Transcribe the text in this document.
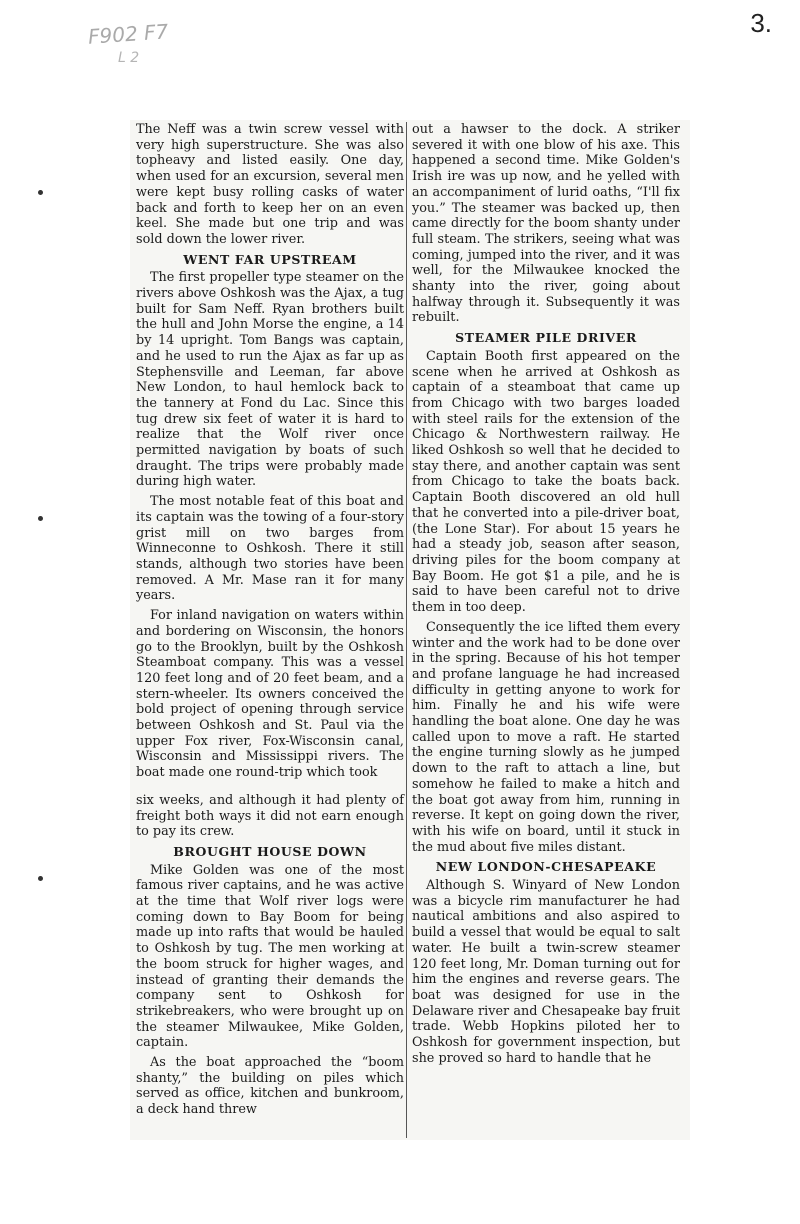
F902 F7
L 2
3.

The Neff was a twin screw vessel with very high superstructure. She was also topheavy and listed easily. One day, when used for an excursion, several men were kept busy rolling casks of water back and forth to keep her on an even keel. She made but one trip and was sold down the lower river.

WENT FAR UPSTREAM

The first propeller type steamer on the rivers above Oshkosh was the Ajax, a tug built for Sam Neff. Ryan brothers built the hull and John Morse the engine, a 14 by 14 upright. Tom Bangs was captain, and he used to run the Ajax as far up as Stephensville and Leeman, far above New London, to haul hemlock back to the tannery at Fond du Lac. Since this tug drew six feet of water it is hard to realize that the Wolf river once permitted navigation by boats of such draught. The trips were probably made during high water.

The most notable feat of this boat and its captain was the towing of a four-story grist mill on two barges from Winneconne to Oshkosh. There it still stands, although two stories have been removed. A Mr. Mase ran it for many years.

For inland navigation on waters within and bordering on Wisconsin, the honors go to the Brooklyn, built by the Oshkosh Steamboat company. This was a vessel 120 feet long and of 20 feet beam, and a stern-wheeler. Its owners conceived the bold project of opening through service between Oshkosh and St. Paul via the upper Fox river, Fox-Wisconsin canal, Wisconsin and Mississippi rivers. The boat made one round-trip which took

six weeks, and although it had plenty of freight both ways it did not earn enough to pay its crew.

BROUGHT HOUSE DOWN

Mike Golden was one of the most famous river captains, and he was active at the time that Wolf river logs were coming down to Bay Boom for being made up into rafts that would be hauled to Oshkosh by tug. The men working at the boom struck for higher wages, and instead of granting their demands the company sent to Oshkosh for strikebreakers, who were brought up on the steamer Milwaukee, Mike Golden, captain.

As the boat approached the “boom shanty,” the building on piles which served as office, kitchen and bunkroom, a deck hand threw

out a hawser to the dock. A striker severed it with one blow of his axe. This happened a second time. Mike Golden's Irish ire was up now, and he yelled with an accompaniment of lurid oaths, “I'll fix you.” The steamer was backed up, then came directly for the boom shanty under full steam. The strikers, seeing what was coming, jumped into the river, and it was well, for the Milwaukee knocked the shanty into the river, going about halfway through it. Subsequently it was rebuilt.

STEAMER PILE DRIVER

Captain Booth first appeared on the scene when he arrived at Oshkosh as captain of a steamboat that came up from Chicago with two barges loaded with steel rails for the extension of the Chicago & Northwestern railway. He liked Oshkosh so well that he decided to stay there, and another captain was sent from Chicago to take the boats back. Captain Booth discovered an old hull that he converted into a pile-driver boat, (the Lone Star). For about 15 years he had a steady job, season after season, driving piles for the boom company at Bay Boom. He got $1 a pile, and he is said to have been careful not to drive them in too deep.

Consequently the ice lifted them every winter and the work had to be done over in the spring. Because of his hot temper and profane language he had increased difficulty in getting anyone to work for him. Finally he and his wife were handling the boat alone. One day he was called upon to move a raft. He started the engine turning slowly as he jumped down to the raft to attach a line, but somehow he failed to make a hitch and the boat got away from him, running in reverse. It kept on going down the river, with his wife on board, until it stuck in the mud about five miles distant.

NEW LONDON-CHESAPEAKE

Although S. Winyard of New London was a bicycle rim manufacturer he had nautical ambitions and also aspired to build a vessel that would be equal to salt water. He built a twin-screw steamer 120 feet long, Mr. Doman turning out for him the engines and reverse gears. The boat was designed for use in the Delaware river and Chesapeake bay fruit trade. Webb Hopkins piloted her to Oshkosh for government inspection, but she proved so hard to handle that he
